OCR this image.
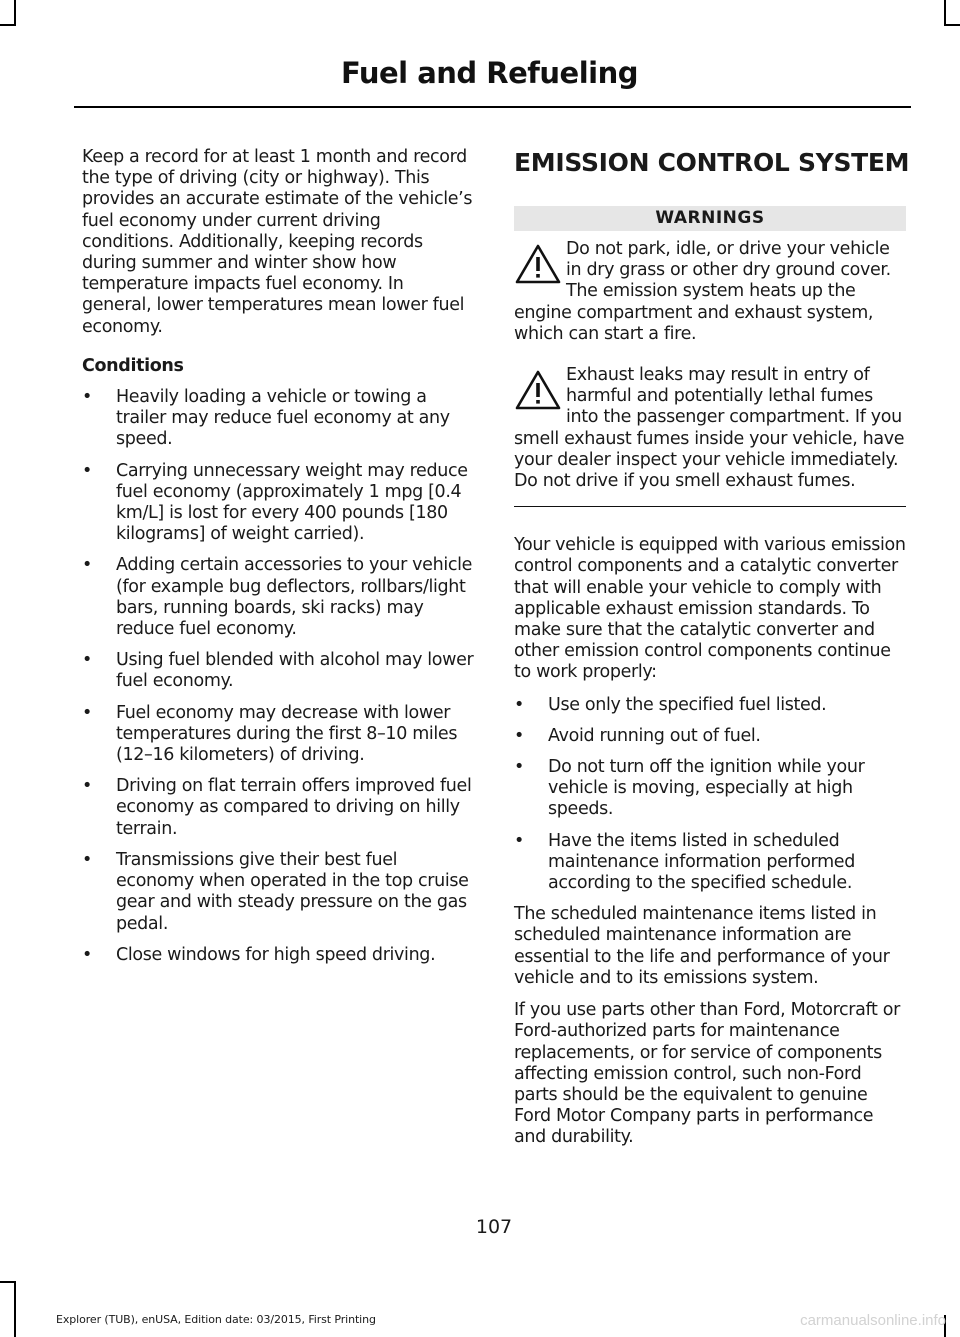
Fuel and Refueling

Keep a record for at least 1 month and record the type of driving (city or highway). This provides an accurate estimate of the vehicle’s fuel economy under current driving conditions. Additionally, keeping records during summer and winter show how temperature impacts fuel economy. In general, lower temperatures mean lower fuel economy.

Conditions
• Heavily loading a vehicle or towing a trailer may reduce fuel economy at any speed.
• Carrying unnecessary weight may reduce fuel economy (approximately 1 mpg [0.4 km/L] is lost for every 400 pounds [180 kilograms] of weight carried).
• Adding certain accessories to your vehicle (for example bug deflectors, rollbars/light bars, running boards, ski racks) may reduce fuel economy.
• Using fuel blended with alcohol may lower fuel economy.
• Fuel economy may decrease with lower temperatures during the first 8–10 miles (12–16 kilometers) of driving.
• Driving on flat terrain offers improved fuel economy as compared to driving on hilly terrain.
• Transmissions give their best fuel economy when operated in the top cruise gear and with steady pressure on the gas pedal.
• Close windows for high speed driving.
EMISSION CONTROL SYSTEM
WARNINGS
Do not park, idle, or drive your vehicle in dry grass or other dry ground cover. The emission system heats up the engine compartment and exhaust system, which can start a fire.
Exhaust leaks may result in entry of harmful and potentially lethal fumes into the passenger compartment. If you smell exhaust fumes inside your vehicle, have your dealer inspect your vehicle immediately. Do not drive if you smell exhaust fumes.

Your vehicle is equipped with various emission control components and a catalytic converter that will enable your vehicle to comply with applicable exhaust emission standards. To make sure that the catalytic converter and other emission control components continue to work properly:

• Use only the specified fuel listed.
• Avoid running out of fuel.
• Do not turn off the ignition while your vehicle is moving, especially at high speeds.
• Have the items listed in scheduled maintenance information performed according to the specified schedule.

The scheduled maintenance items listed in scheduled maintenance information are essential to the life and performance of your vehicle and to its emissions system.

If you use parts other than Ford, Motorcraft or Ford-authorized parts for maintenance replacements, or for service of components affecting emission control, such non-Ford parts should be the equivalent to genuine Ford Motor Company parts in performance and durability.

107
Explorer (TUB), enUSA, Edition date: 03/2015, First Printing	carmanualsonline.info
